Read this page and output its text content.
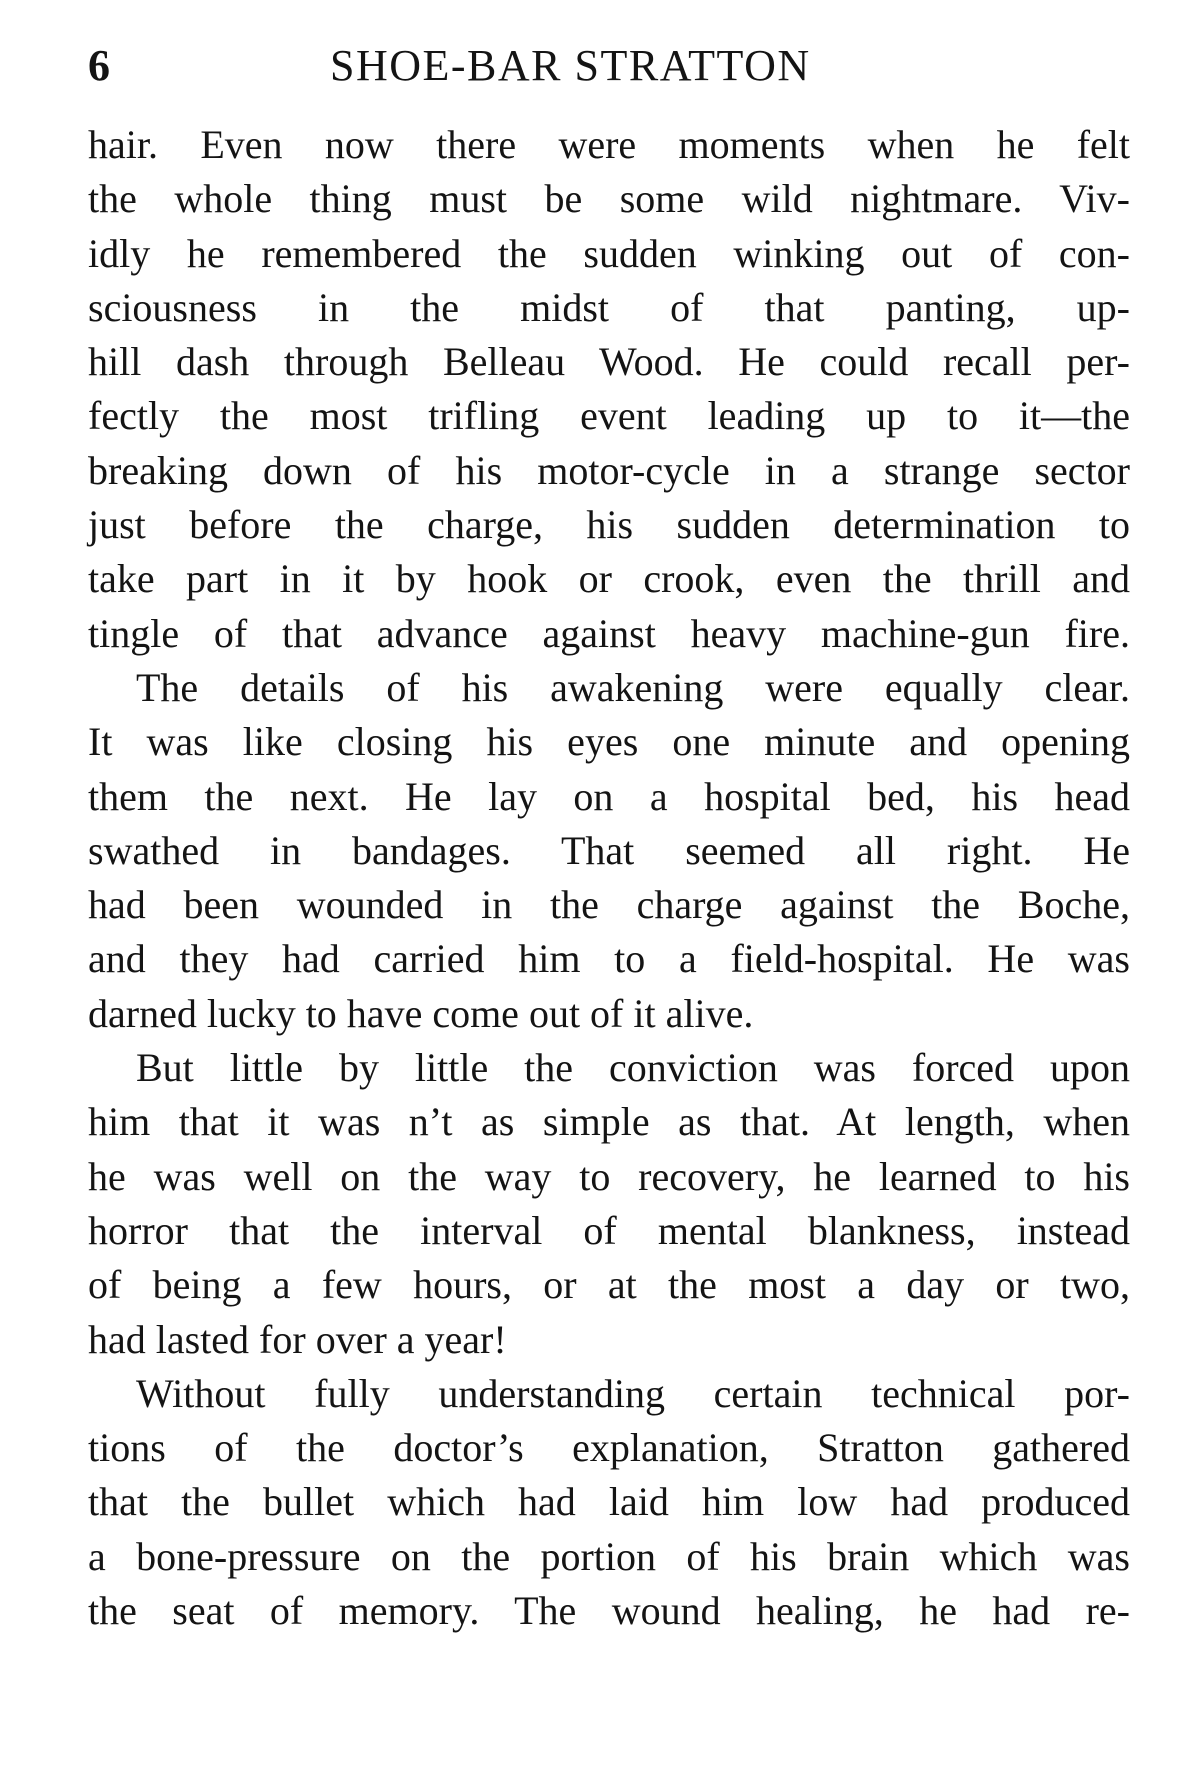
6	SHOE-BAR STRATTON

hair. Even now there were moments when he felt
the whole thing must be some wild nightmare. Viv-
idly he remembered the sudden winking out of con-
sciousness in the midst of that panting, up-
hill dash through Belleau Wood. He could recall per-
fectly the most trifling event leading up to it—the
breaking down of his motor-cycle in a strange sector
just before the charge, his sudden determination to
take part in it by hook or crook, even the thrill and
tingle of that advance against heavy machine-gun fire.

The details of his awakening were equally clear.
It was like closing his eyes one minute and opening
them the next. He lay on a hospital bed, his head
swathed in bandages. That seemed all right. He
had been wounded in the charge against the Boche,
and they had carried him to a field-hospital. He was
darned lucky to have come out of it alive.

But little by little the conviction was forced upon
him that it was n’t as simple as that. At length, when
he was well on the way to recovery, he learned to his
horror that the interval of mental blankness, instead
of being a few hours, or at the most a day or two,
had lasted for over a year!

Without fully understanding certain technical por-
tions of the doctor’s explanation, Stratton gathered
that the bullet which had laid him low had produced
a bone-pressure on the portion of his brain which was
the seat of memory. The wound healing, he had re-
